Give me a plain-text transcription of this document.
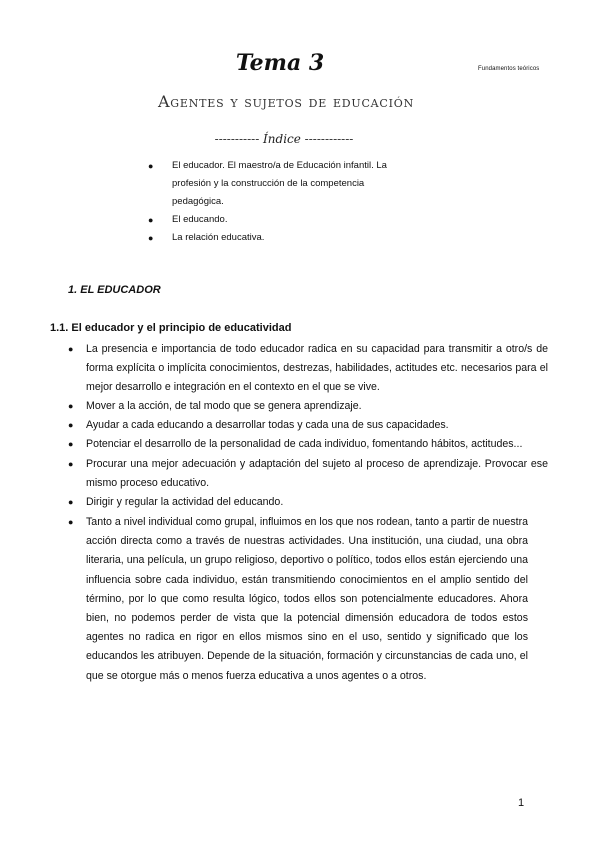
Tema 3	Fundamentos teóricos
Agentes y sujetos de educación
----------- Índice ------------
● El educador. El maestro/a de Educación infantil. La profesión y la construcción de la competencia pedagógica.
● El educando.
● La relación educativa.
1. EL EDUCADOR
1.1. El educador y el principio de educatividad
● La presencia e importancia de todo educador radica en su capacidad para transmitir a otro/s de forma explícita o implícita conocimientos, destrezas, habilidades, actitudes etc. necesarios para el mejor desarrollo e integración en el contexto en el que se vive.
● Mover a la acción, de tal modo que se genera aprendizaje.
● Ayudar a cada educando a desarrollar todas y cada una de sus capacidades.
● Potenciar el desarrollo de la personalidad de cada individuo, fomentando hábitos, actitudes...
● Procurar una mejor adecuación y adaptación del sujeto al proceso de aprendizaje. Provocar ese mismo proceso educativo.
● Dirigir y regular la actividad del educando.
● Tanto a nivel individual como grupal, influimos en los que nos rodean, tanto a partir de nuestra acción directa como a través de nuestras actividades. Una institución, una ciudad, una obra literaria, una película, un grupo religioso, deportivo o político, todos ellos están ejerciendo una influencia sobre cada individuo, están transmitiendo conocimientos en el amplio sentido del término, por lo que como resulta lógico, todos ellos son potencialmente educadores. Ahora bien, no podemos perder de vista que la potencial dimensión educadora de todos estos agentes no radica en rigor en ellos mismos sino en el uso, sentido y significado que los educandos les atribuyen. Depende de la situación, formación y circunstancias de cada uno, el que se otorgue más o menos fuerza educativa a unos agentes o a otros.
1
